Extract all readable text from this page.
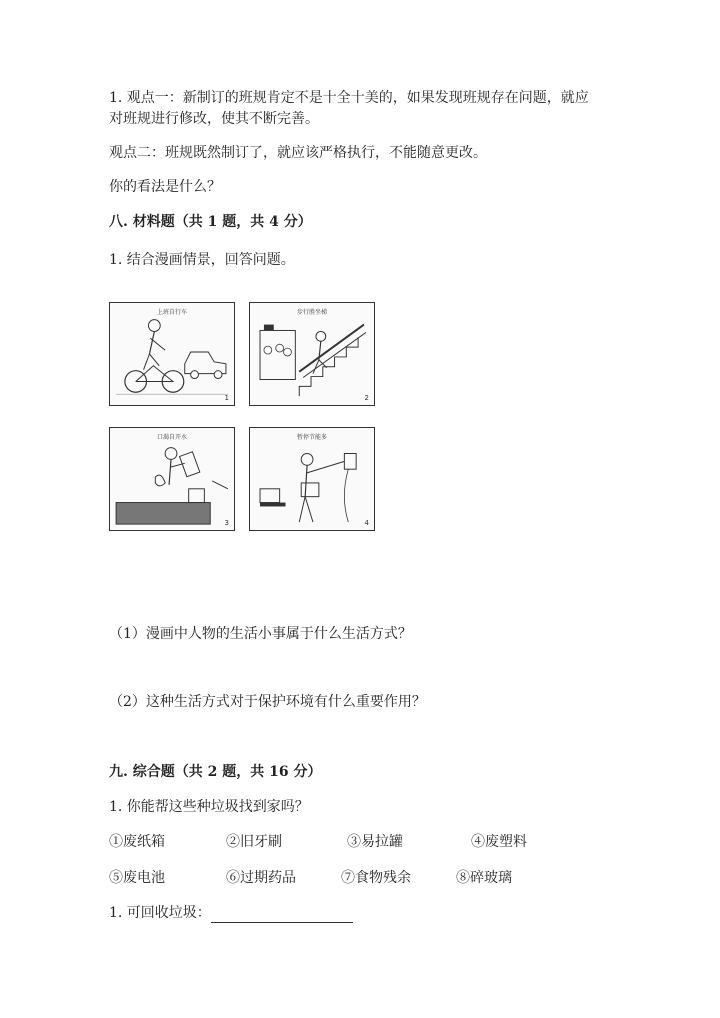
1. 观点一：新制订的班规肯定不是十全十美的，如果发现班规存在问题，就应

对班规进行修改，使其不断完善。

观点二：班规既然制订了，就应该严格执行，不能随意更改。

你的看法是什么？

八. 材料题（共 1 题，共 4 分）

1. 结合漫画情景，回答问题。

上班自行车
1
步行胜坐梯
2
口渴自开水
3
暂停节能多
4

（1）漫画中人物的生活小事属于什么生活方式？

（2）这种生活方式对于保护环境有什么重要作用？

九. 综合题（共 2 题，共 16 分）

1. 你能帮这些种垃圾找到家吗？

①废纸箱	②旧牙刷	③易拉罐	④废塑料
⑤废电池	⑥过期药品	⑦食物残余	⑧碎玻璃

1. 可回收垃圾：
